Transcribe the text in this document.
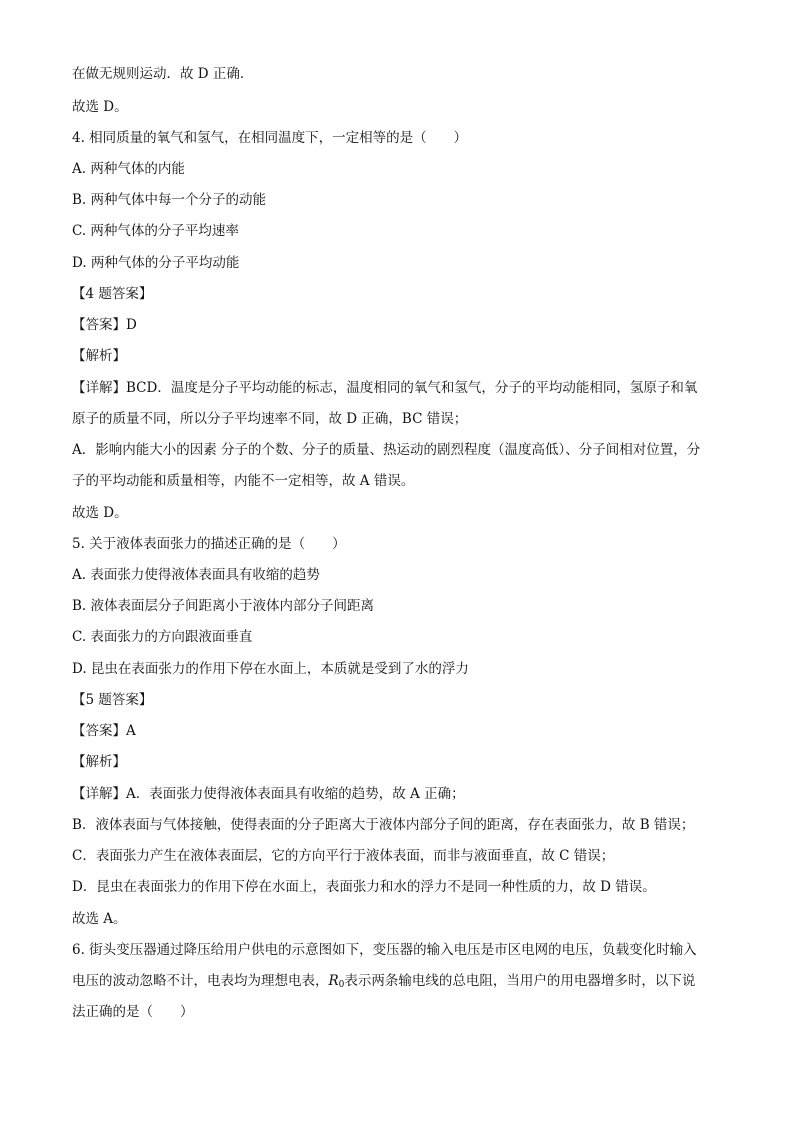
在做无规则运动．故 D 正确．
故选 D。
4. 相同质量的氧气和氢气，在相同温度下，一定相等的是（　　）
A. 两种气体的内能
B. 两种气体中每一个分子的动能
C. 两种气体的分子平均速率
D. 两种气体的分子平均动能
【4 题答案】
【答案】D
【解析】
【详解】BCD．温度是分子平均动能的标志，温度相同的氧气和氢气，分子的平均动能相同，氢原子和氧
原子的质量不同，所以分子平均速率不同，故 D 正确，BC 错误；
A．影响内能大小的因素 分子的个数、分子的质量、热运动的剧烈程度（温度高低）、分子间相对位置，分
子的平均动能和质量相等，内能不一定相等，故 A 错误。
故选 D。
5. 关于液体表面张力的描述正确的是（　　）
A. 表面张力使得液体表面具有收缩的趋势
B. 液体表面层分子间距离小于液体内部分子间距离
C. 表面张力的方向跟液面垂直
D. 昆虫在表面张力的作用下停在水面上，本质就是受到了水的浮力
【5 题答案】
【答案】A
【解析】
【详解】A．表面张力使得液体表面具有收缩的趋势，故 A 正确；
B．液体表面与气体接触，使得表面的分子距离大于液体内部分子间的距离，存在表面张力，故 B 错误；
C．表面张力产生在液体表面层，它的方向平行于液体表面，而非与液面垂直，故 C 错误；
D．昆虫在表面张力的作用下停在水面上，表面张力和水的浮力不是同一种性质的力，故 D 错误。
故选 A。
6. 街头变压器通过降压给用户供电的示意图如下，变压器的输入电压是市区电网的电压，负载变化时输入
电压的波动忽略不计，电表均为理想电表，$R_0$表示两条输电线的总电阻，当用户的用电器增多时，以下说
法正确的是（　　）
